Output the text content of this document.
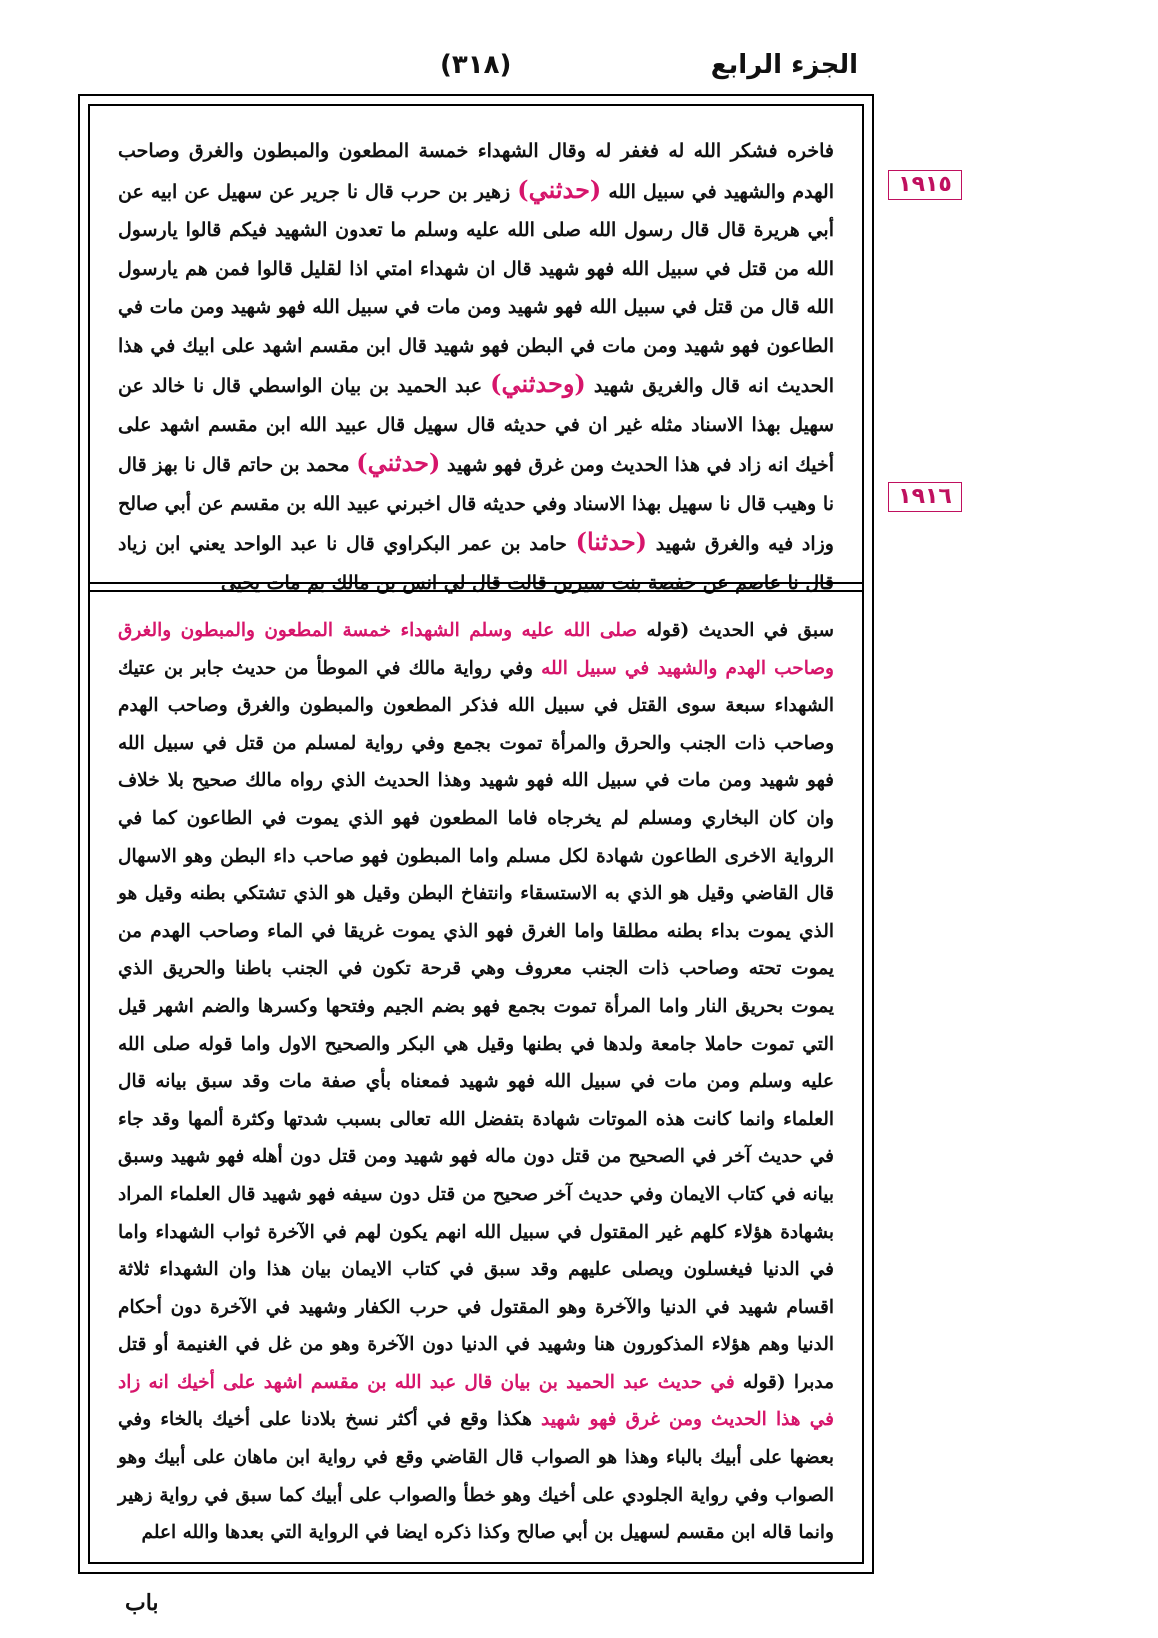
الجزء الرابع
(٣١٨)
١٩١٥
١٩١٦
فاخره فشكر الله له فغفر له وقال الشهداء خمسة المطعون والمبطون والغرق وصاحب الهدم والشهيد في سبيل الله (حدثني) زهير بن حرب قال نا جرير عن سهيل عن ابيه عن أبي هريرة قال قال رسول الله صلى الله عليه وسلم ما تعدون الشهيد فيكم قالوا يارسول الله من قتل في سبيل الله فهو شهيد قال ان شهداء امتي اذا لقليل قالوا فمن هم يارسول الله قال من قتل في سبيل الله فهو شهيد ومن مات في سبيل الله فهو شهيد ومن مات في الطاعون فهو شهيد ومن مات في البطن فهو شهيد قال ابن مقسم اشهد على ابيك في هذا الحديث انه قال والغريق شهيد (وحدثني) عبد الحميد بن بيان الواسطي قال نا خالد عن سهيل بهذا الاسناد مثله غير ان في حديثه قال سهيل قال عبيد الله ابن مقسم اشهد على أخيك انه زاد في هذا الحديث ومن غرق فهو شهيد (حدثني) محمد بن حاتم قال نا بهز قال نا وهيب قال نا سهيل بهذا الاسناد وفي حديثه قال اخبرني عبيد الله بن مقسم عن أبي صالح وزاد فيه والغرق شهيد (حدثنا) حامد بن عمر البكراوي قال نا عبد الواحد يعني ابن زياد قال نا عاصم عن حفصة بنت سيرين قالت قال لي انس بن مالك بم مات يحيى
سبق في الحديث (قوله صلى الله عليه وسلم الشهداء خمسة المطعون والمبطون والغرق وصاحب الهدم والشهيد في سبيل الله وفي رواية مالك في الموطأ من حديث جابر بن عتيك الشهداء سبعة سوى القتل في سبيل الله فذكر المطعون والمبطون والغرق وصاحب الهدم وصاحب ذات الجنب والحرق والمرأة تموت بجمع وفي رواية لمسلم من قتل في سبيل الله فهو شهيد ومن مات في سبيل الله فهو شهيد وهذا الحديث الذي رواه مالك صحيح بلا خلاف وان كان البخاري ومسلم لم يخرجاه فاما المطعون فهو الذي يموت في الطاعون كما في الرواية الاخرى الطاعون شهادة لكل مسلم واما المبطون فهو صاحب داء البطن وهو الاسهال قال القاضي وقيل هو الذي به الاستسقاء وانتفاخ البطن وقيل هو الذي تشتكي بطنه وقيل هو الذي يموت بداء بطنه مطلقا واما الغرق فهو الذي يموت غريقا في الماء وصاحب الهدم من يموت تحته وصاحب ذات الجنب معروف وهي قرحة تكون في الجنب باطنا والحريق الذي يموت بحريق النار واما المرأة تموت بجمع فهو بضم الجيم وفتحها وكسرها والضم اشهر قيل التي تموت حاملا جامعة ولدها في بطنها وقيل هي البكر والصحيح الاول واما قوله صلى الله عليه وسلم ومن مات في سبيل الله فهو شهيد فمعناه بأي صفة مات وقد سبق بيانه قال العلماء وانما كانت هذه الموتات شهادة بتفضل الله تعالى بسبب شدتها وكثرة ألمها وقد جاء في حديث آخر في الصحيح من قتل دون ماله فهو شهيد ومن قتل دون أهله فهو شهيد وسبق بيانه في كتاب الايمان وفي حديث آخر صحيح من قتل دون سيفه فهو شهيد قال العلماء المراد بشهادة هؤلاء كلهم غير المقتول في سبيل الله انهم يكون لهم في الآخرة ثواب الشهداء واما في الدنيا فيغسلون ويصلى عليهم وقد سبق في كتاب الايمان بيان هذا وان الشهداء ثلاثة اقسام شهيد في الدنيا والآخرة وهو المقتول في حرب الكفار وشهيد في الآخرة دون أحكام الدنيا وهم هؤلاء المذكورون هنا وشهيد في الدنيا دون الآخرة وهو من غل في الغنيمة أو قتل مدبرا (قوله في حديث عبد الحميد بن بيان قال عبد الله بن مقسم اشهد على أخيك انه زاد في هذا الحديث ومن غرق فهو شهيد هكذا وقع في أكثر نسخ بلادنا على أخيك بالخاء وفي بعضها على أبيك بالباء وهذا هو الصواب قال القاضي وقع في رواية ابن ماهان على أبيك وهو الصواب وفي رواية الجلودي على أخيك وهو خطأ والصواب على أبيك كما سبق في رواية زهير وانما قاله ابن مقسم لسهيل بن أبي صالح وكذا ذكره ايضا في الرواية التي بعدها والله اعلم
باب
